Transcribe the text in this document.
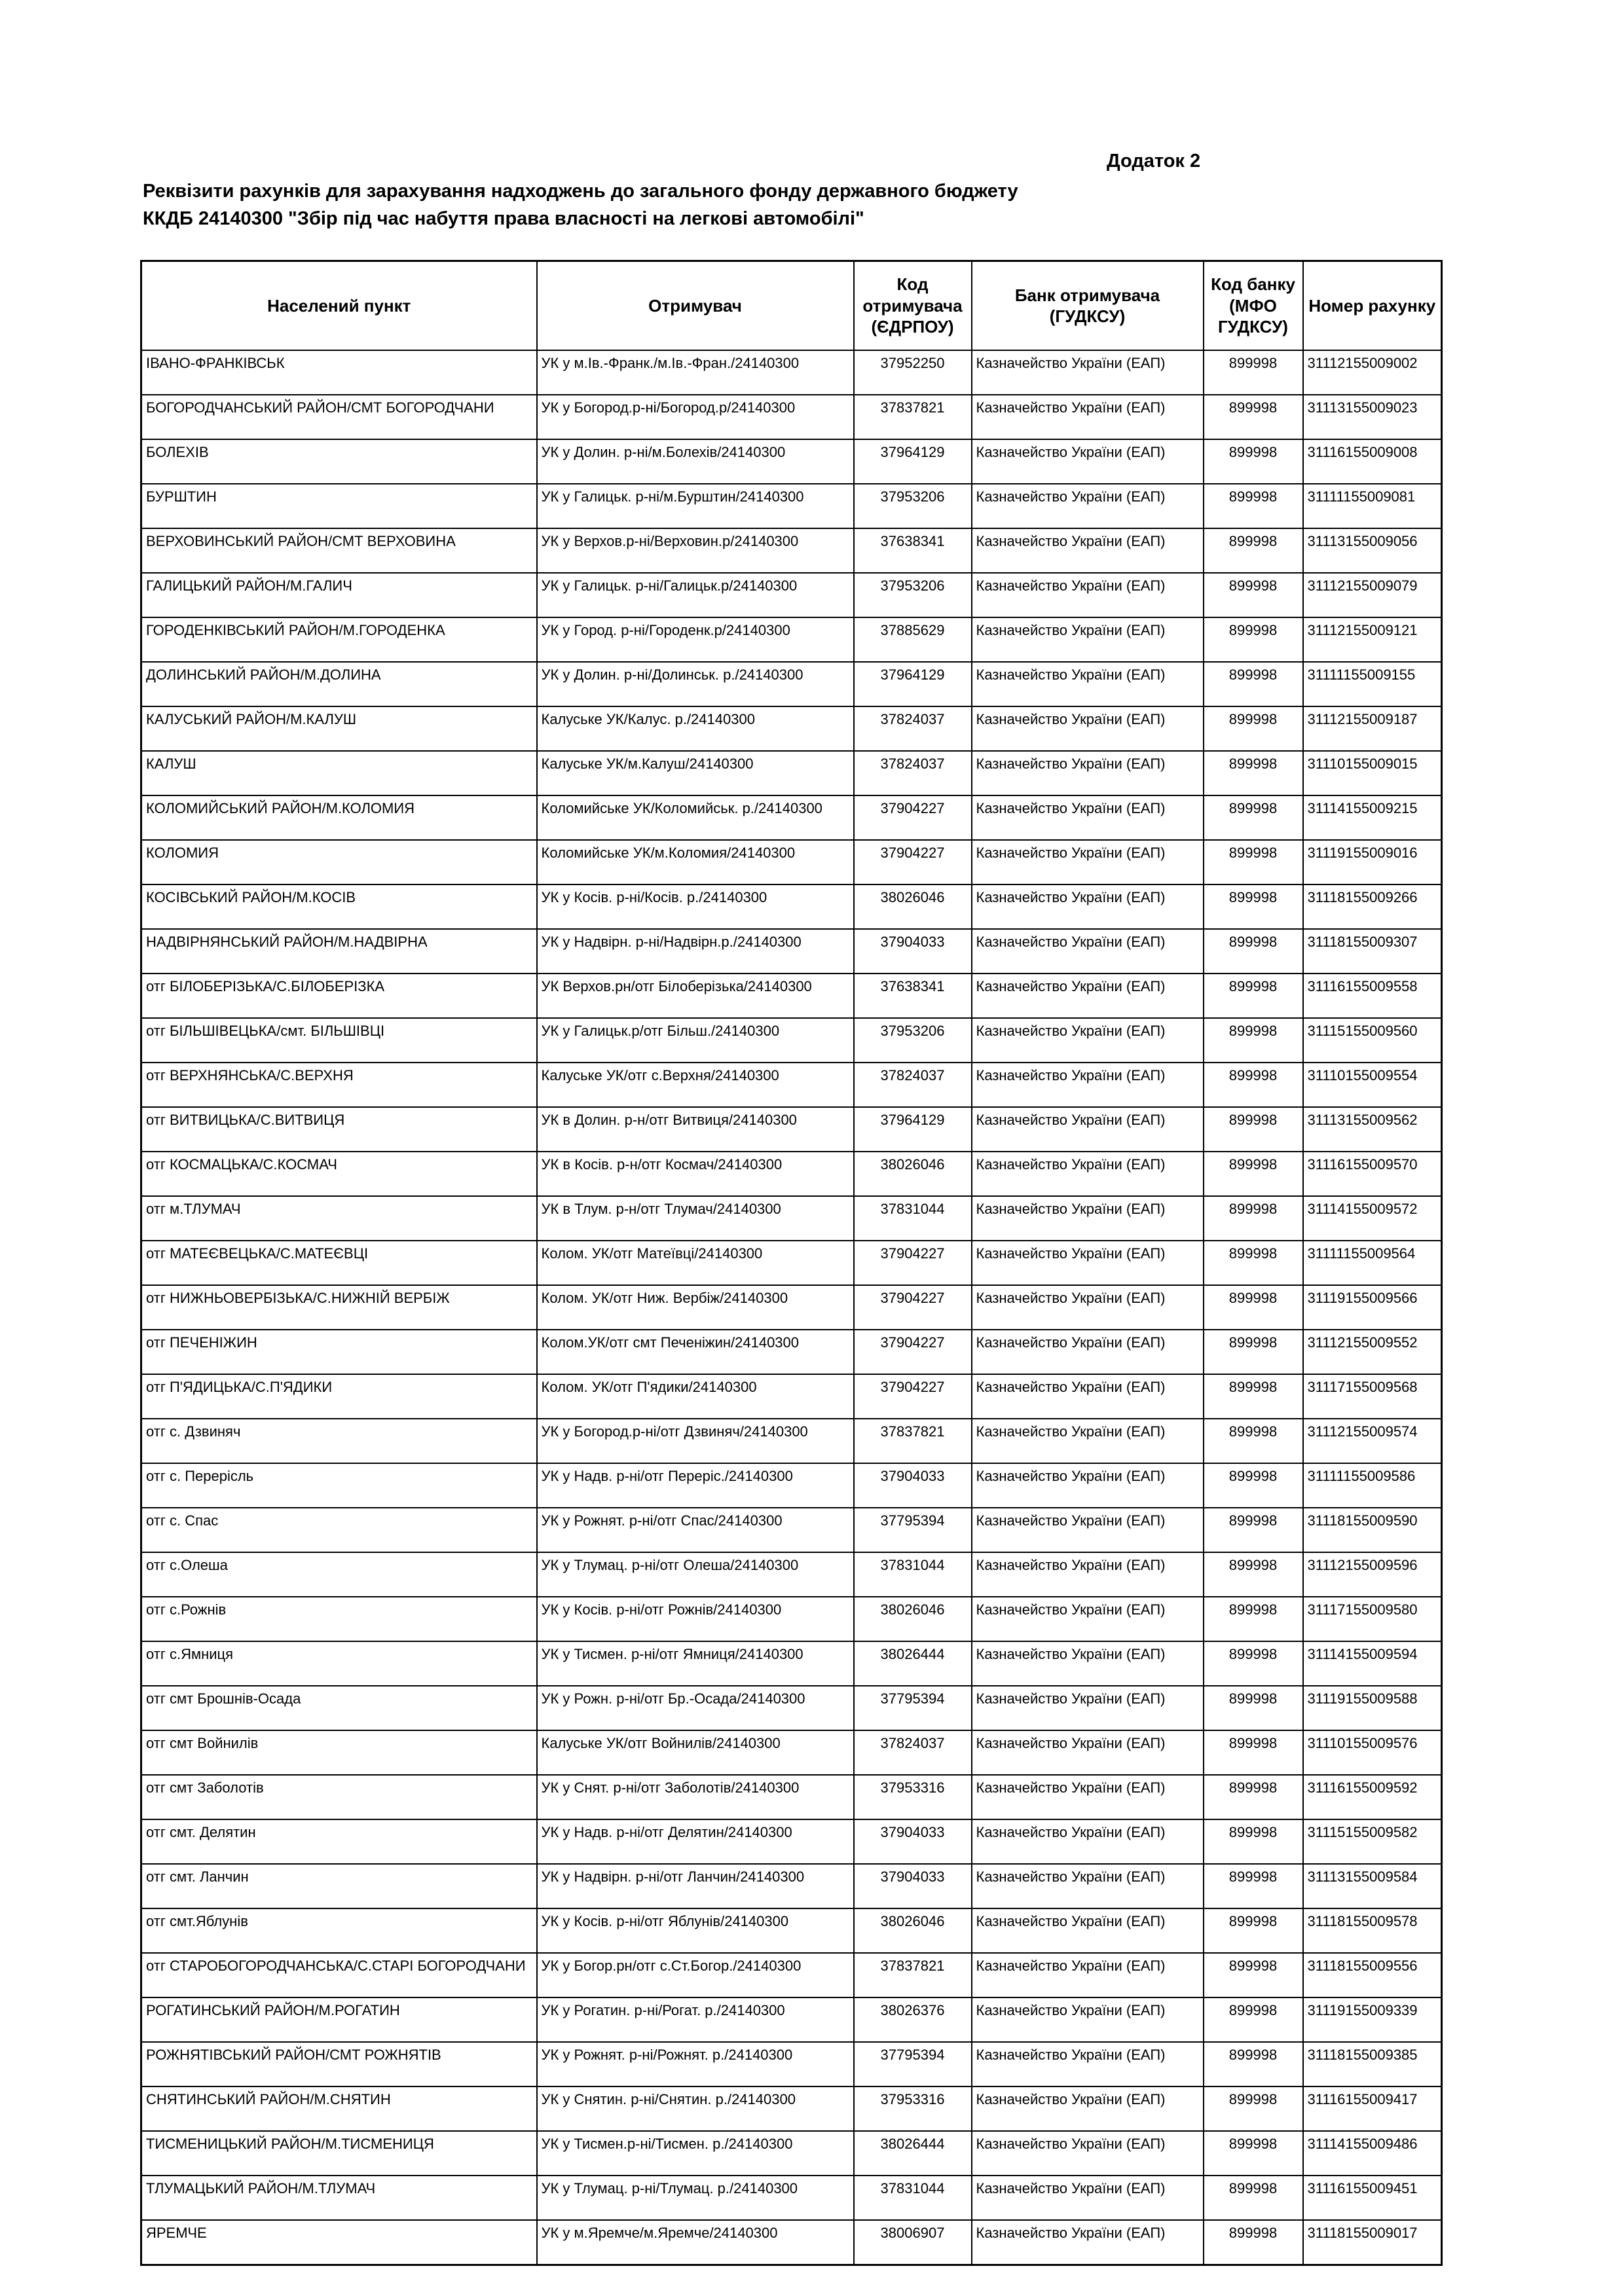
Додаток 2
Реквізити рахунків для зарахування надходжень до загального фонду державного бюджету
ККДБ 24140300 "Збір під час набуття права власності на легкові автомобілі"
Населений пункт	Отримувач	Код отримувача (ЄДРПОУ)	Банк отримувача (ГУДКСУ)	Код банку (МФО ГУДКСУ)	Номер рахунку
ІВАНО-ФРАНКІВСЬК	УК у м.Ів.-Франк./м.Ів.-Фран./24140300	37952250	Казначейство України (ЕАП)	899998	31112155009002
БОГОРОДЧАНСЬКИЙ РАЙОН/СМТ БОГОРОДЧАНИ	УК у Богород.р-ні/Богород.р/24140300	37837821	Казначейство України (ЕАП)	899998	31113155009023
БОЛЕХІВ	УК у Долин. р-ні/м.Болехів/24140300	37964129	Казначейство України (ЕАП)	899998	31116155009008
БУРШТИН	УК у Галицьк. р-ні/м.Бурштин/24140300	37953206	Казначейство України (ЕАП)	899998	31111155009081
ВЕРХОВИНСЬКИЙ РАЙОН/СМТ ВЕРХОВИНА	УК у Верхов.р-ні/Верховин.р/24140300	37638341	Казначейство України (ЕАП)	899998	31113155009056
ГАЛИЦЬКИЙ РАЙОН/М.ГАЛИЧ	УК у Галицьк. р-ні/Галицьк.р/24140300	37953206	Казначейство України (ЕАП)	899998	31112155009079
ГОРОДЕНКІВСЬКИЙ РАЙОН/М.ГОРОДЕНКА	УК у Город. р-ні/Городенк.р/24140300	37885629	Казначейство України (ЕАП)	899998	31112155009121
ДОЛИНСЬКИЙ РАЙОН/М.ДОЛИНА	УК у Долин. р-ні/Долинськ. р./24140300	37964129	Казначейство України (ЕАП)	899998	31111155009155
КАЛУСЬКИЙ РАЙОН/М.КАЛУШ	Калуське УК/Калус. р./24140300	37824037	Казначейство України (ЕАП)	899998	31112155009187
КАЛУШ	Калуське УК/м.Калуш/24140300	37824037	Казначейство України (ЕАП)	899998	31110155009015
КОЛОМИЙСЬКИЙ РАЙОН/М.КОЛОМИЯ	Коломийське УК/Коломийськ. р./24140300	37904227	Казначейство України (ЕАП)	899998	31114155009215
КОЛОМИЯ	Коломийське УК/м.Коломия/24140300	37904227	Казначейство України (ЕАП)	899998	31119155009016
КОСІВСЬКИЙ РАЙОН/М.КОСІВ	УК у Косів. р-ні/Косів. р./24140300	38026046	Казначейство України (ЕАП)	899998	31118155009266
НАДВІРНЯНСЬКИЙ РАЙОН/М.НАДВІРНА	УК у Надвірн. р-ні/Надвірн.р./24140300	37904033	Казначейство України (ЕАП)	899998	31118155009307
отг БІЛОБЕРІЗЬКА/С.БІЛОБЕРІЗКА	УК Верхов.рн/отг Білоберізька/24140300	37638341	Казначейство України (ЕАП)	899998	31116155009558
отг БІЛЬШІВЕЦЬКА/смт. БІЛЬШІВЦІ	УК у Галицьк.р/отг Більш./24140300	37953206	Казначейство України (ЕАП)	899998	31115155009560
отг ВЕРХНЯНСЬКА/С.ВЕРХНЯ	Калуське УК/отг с.Верхня/24140300	37824037	Казначейство України (ЕАП)	899998	31110155009554
отг ВИТВИЦЬКА/С.ВИТВИЦЯ	УК в Долин. р-н/отг Витвиця/24140300	37964129	Казначейство України (ЕАП)	899998	31113155009562
отг КОСМАЦЬКА/С.КОСМАЧ	УК в Косів. р-н/отг Космач/24140300	38026046	Казначейство України (ЕАП)	899998	31116155009570
отг м.ТЛУМАЧ	УК в Тлум. р-н/отг Тлумач/24140300	37831044	Казначейство України (ЕАП)	899998	31114155009572
отг МАТЕЄВЕЦЬКА/С.МАТЕЄВЦІ	Колом. УК/отг Матеївці/24140300	37904227	Казначейство України (ЕАП)	899998	31111155009564
отг НИЖНЬОВЕРБІЗЬКА/С.НИЖНІЙ ВЕРБІЖ	Колом. УК/отг Ниж. Вербіж/24140300	37904227	Казначейство України (ЕАП)	899998	31119155009566
отг ПЕЧЕНІЖИН	Колом.УК/отг смт Печеніжин/24140300	37904227	Казначейство України (ЕАП)	899998	31112155009552
отг П'ЯДИЦЬКА/С.П'ЯДИКИ	Колом. УК/отг П'ядики/24140300	37904227	Казначейство України (ЕАП)	899998	31117155009568
отг с. Дзвиняч	УК у Богород.р-ні/отг Дзвиняч/24140300	37837821	Казначейство України (ЕАП)	899998	31112155009574
отг с. Перерісль	УК у Надв. р-ні/отг Переріс./24140300	37904033	Казначейство України (ЕАП)	899998	31111155009586
отг с. Спас	УК у Рожнят. р-ні/отг Спас/24140300	37795394	Казначейство України (ЕАП)	899998	31118155009590
отг с.Олеша	УК у Тлумац. р-ні/отг Олеша/24140300	37831044	Казначейство України (ЕАП)	899998	31112155009596
отг с.Рожнів	УК у Косів. р-ні/отг Рожнів/24140300	38026046	Казначейство України (ЕАП)	899998	31117155009580
отг с.Ямниця	УК у Тисмен. р-ні/отг Ямниця/24140300	38026444	Казначейство України (ЕАП)	899998	31114155009594
отг смт Брошнів-Осада	УК у Рожн. р-ні/отг Бр.-Осада/24140300	37795394	Казначейство України (ЕАП)	899998	31119155009588
отг смт Войнилів	Калуське УК/отг Войнилів/24140300	37824037	Казначейство України (ЕАП)	899998	31110155009576
отг смт Заболотів	УК у Снят. р-ні/отг Заболотів/24140300	37953316	Казначейство України (ЕАП)	899998	31116155009592
отг смт. Делятин	УК у Надв. р-ні/отг Делятин/24140300	37904033	Казначейство України (ЕАП)	899998	31115155009582
отг смт. Ланчин	УК у Надвірн. р-ні/отг Ланчин/24140300	37904033	Казначейство України (ЕАП)	899998	31113155009584
отг смт.Яблунів	УК у Косів. р-ні/отг Яблунів/24140300	38026046	Казначейство України (ЕАП)	899998	31118155009578
отг СТАРОБОГОРОДЧАНСЬКА/С.СТАРІ БОГОРОДЧАНИ	УК у Богор.рн/отг с.Ст.Богор./24140300	37837821	Казначейство України (ЕАП)	899998	31118155009556
РОГАТИНСЬКИЙ РАЙОН/М.РОГАТИН	УК у Рогатин. р-ні/Рогат. р./24140300	38026376	Казначейство України (ЕАП)	899998	31119155009339
РОЖНЯТІВСЬКИЙ РАЙОН/СМТ РОЖНЯТІВ	УК у Рожнят. р-ні/Рожнят. р./24140300	37795394	Казначейство України (ЕАП)	899998	31118155009385
СНЯТИНСЬКИЙ РАЙОН/М.СНЯТИН	УК у Снятин. р-ні/Снятин. р./24140300	37953316	Казначейство України (ЕАП)	899998	31116155009417
ТИСМЕНИЦЬКИЙ РАЙОН/М.ТИСМЕНИЦЯ	УК у Тисмен.р-ні/Тисмен. р./24140300	38026444	Казначейство України (ЕАП)	899998	31114155009486
ТЛУМАЦЬКИЙ РАЙОН/М.ТЛУМАЧ	УК у Тлумац. р-ні/Тлумац. р./24140300	37831044	Казначейство України (ЕАП)	899998	31116155009451
ЯРЕМЧЕ	УК у м.Яремче/м.Яремче/24140300	38006907	Казначейство України (ЕАП)	899998	31118155009017
